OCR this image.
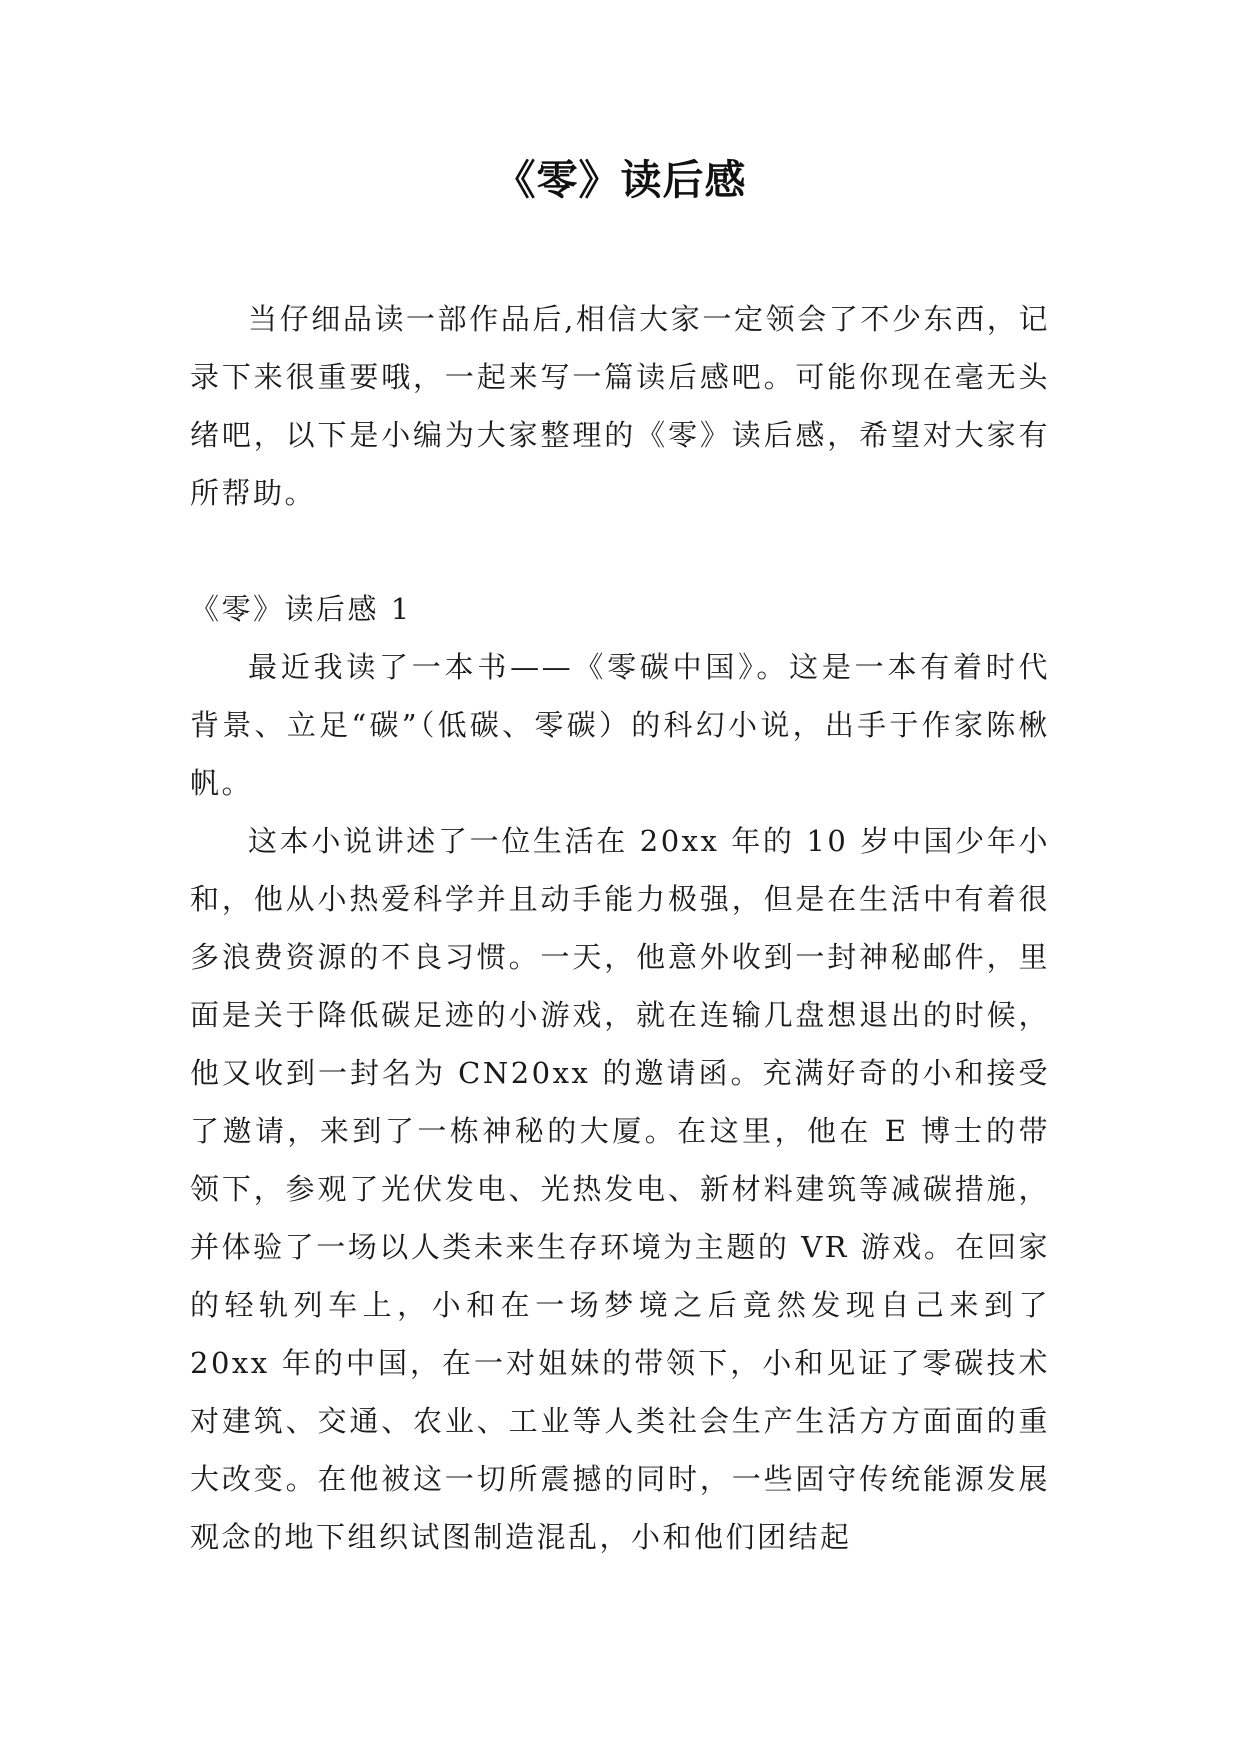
《零》读后感

当仔细品读一部作品后,相信大家一定领会了不少东西，记录下来很重要哦，一起来写一篇读后感吧。可能你现在毫无头绪吧，以下是小编为大家整理的《零》读后感，希望对大家有所帮助。

《零》读后感 1

最近我读了一本书——《零碳中国》。这是一本有着时代背景、立足“碳”（低碳、零碳）的科幻小说，出手于作家陈楸帆。

这本小说讲述了一位生活在 20xx 年的 10 岁中国少年小和，他从小热爱科学并且动手能力极强，但是在生活中有着很多浪费资源的不良习惯。一天，他意外收到一封神秘邮件，里面是关于降低碳足迹的小游戏，就在连输几盘想退出的时候，他又收到一封名为 CN20xx 的邀请函。充满好奇的小和接受了邀请，来到了一栋神秘的大厦。在这里，他在 E 博士的带领下，参观了光伏发电、光热发电、新材料建筑等减碳措施，并体验了一场以人类未来生存环境为主题的 VR 游戏。在回家的轻轨列车上，小和在一场梦境之后竟然发现自己来到了 20xx 年的中国，在一对姐妹的带领下，小和见证了零碳技术对建筑、交通、农业、工业等人类社会生产生活方方面面的重大改变。在他被这一切所震撼的同时，一些固守传统能源发展观念的地下组织试图制造混乱，小和他们团结起
